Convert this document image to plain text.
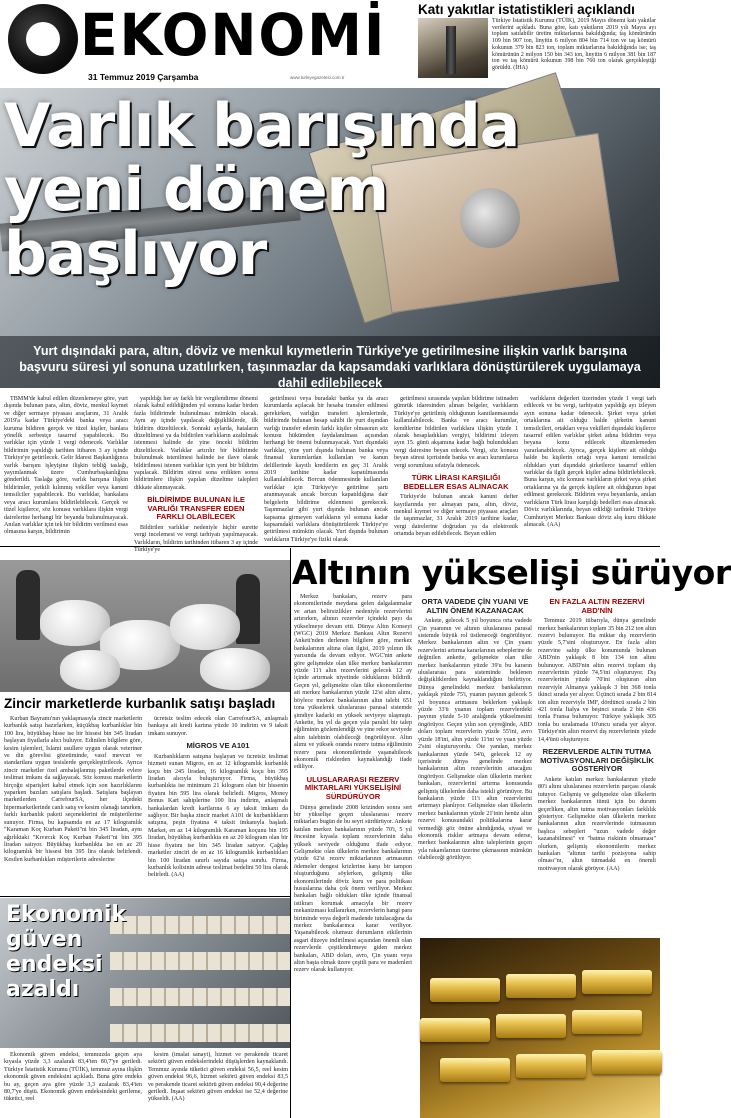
EKONOMİ
31 Temmuz 2019 Çarşamba	www.turkiyegazetesi.com.tr
Katı yakıtlar istatistikleri açıklandı
Türkiye İstatistik Kurumu (TÜİK), 2019 Mayıs dönemi katı yakıtlar verilerini açıkladı. Buna göre, katı yakıtların 2019 yılı Mayıs ayı toplam satılabilir üretim miktarlarına bakıldığında; taş kömürünün 109 bin 907 ton, linyitin 6 milyon 804 bin 714 ton ve taş kömürü kokunun 379 bin 823 ton, toplam miktarlarına bakıldığında ise; taş kömürünün 2 milyon 150 bin 343 ton, linyitin 6 milyon 381 bin 187 ton ve taş kömürü kokunun 398 bin 760 ton olarak gerçekleştiği görüldü. (İHA)
Varlık barışında
yeni dönem
başlıyor
Yurt dışındaki para, altın, döviz ve menkul kıymetlerin Türkiye'ye getirilmesine ilişkin varlık barışına başvuru süresi yıl sonuna uzatılırken, taşınmazlar da kapsamdaki varlıklara dönüştürülerek uygulamaya dahil edilebilecek

TBMM'de kabul edilen düzenlemeye göre, yurt dışında bulunan para, altın, döviz, menkul kıymet ve diğer sermaye piyasası araçlarını, 31 Aralık 2019'a kadar Türkiye'deki banka veya aracı kuruma bildiren gerçek ve tüzel kişiler, banlara yönelik serbestçe tasarruf yapabilecek. Bu varlıklar için yüzde 1 vergi ödenecek. Varlıklar bildirimin yapıldığı tarihten itibaren 3 ay içinde Türkiye'ye getirilecek. Gelir İdaresi Başkanlığınca varlık barışını işleyişine ilişkin tebliğ taslağı, yayımlanmak üzere Cumhurbaşkanlığına gönderildi. Taslağa göre, varlık barışına ilişkin bildirimler, yetkili kılınmış vekiller veya kanuni temsilciler yapabilecek. Bu varlıklar, bankalara veya aracı kurumlara bildirilebilecek. Gerçek ve tüzel kişilerce, söz konusu varlıklara ilişkin vergi dairelerine herhangi bir beyanda bulunulmayacak. Anılan varlıklar için tek bir bildirim verilmesi esas olmasına karşın, bildirimin

yapıldığı her ay farklı bir vergilendirme dönemi olarak kabul edildiğinden yıl sonuna kadar birden fazla bildirimde bulunulması mümkün olacak. Aynı ay içinde yapılacak değişikliklerde, ilk bildirim düzeltilecek. Sonraki aylarda, hataların düzeltilmesi ya da bildirilen varlıkların azaltılmak istenmesi halinde de yine önceki bildirim düzeltilecek. Varlıklar artırılır bir bildirimde bulunulmak istenilmesi halinde ise ilave olarak bildirilmesi istenen varlıklar için yeni bir bildirim yapılacak. Bildirim süresi sona erdikten sonra bildirimlere ilişkin yapılan düzeltme talepleri dikkate alınmayacak.

BİLDİRİMDE BULUNAN İLE VARLIĞI TRANSFER EDEN FARKLI OLABİLECEK

Bildirilen varlıklar nedeniyle hiçbir surette vergi incelemesi ve vergi tarhiyatı yapılmayacak. Varlıkların, bildirim tarihinden itibaren 3 ay içinde Türkiye'ye

getirilmesi veya buradaki banka ya da aracı kurumlarda açılacak bir hesaba transfer edilmesi gerekirken, varlığın transferi işlemlerinde, bildirimde bulunan hesap sahibi ile yurt dışından varlığı transfer edenin farklı kişiler olmasının söz konusu hükümden faydalanılması açısından herhangi bir önemi bulunmayacak. Yurt dışındaki varlıklar, yine yurt dışında bulunan banka veya finansal kurumlardan kullanılan ve kanun delillerinde kayıtlı kredilerin en geç 31 Aralık 2019 tarihine kadar kapatılmasında kullanılabilecek. Borcun ödenmesinde kullanılan varlıklar için Türkiye'ye getirilme şartı aranmayacak ancak borcun kapatıldığına dair belgelerin bildirime eklenmesi gerekecek. Taşınmazlar gibi yurt dışında bulunan ancak kapsama girmeyen varlıkların yıl sonuna kadar kapsamdaki varlıklara dönüştürülerek Türkiye'ye getirilmesi mümkün olacak. Yurt dışında bulunan varlıkların Türkiye'ye fiziki olarak

getirilmesi sırasında yapılan bildirime istinaden gümrük idaresinden alınan belgeler, varlıkların Türkiye'ye getirilmiş olduğunun kanıtlanmasında kullanılabilecek. Banka ve aracı kurumlar, kendilerine bildirilen varlıklara ilişkin yüzde 1 olarak hesapladıkları vergiyi, bildirimi izleyen ayın 15. günü akşamına kadar bağlı bulundukları vergi dairesine beyan edecek. Vergi, söz konusu beyan süresi içerisinde banka ve aracı kurumlarca vergi sorumlusu sıfatıyla ödenecek.

TÜRK LİRASI KARŞILIĞI BEDELLER ESAS ALINACAK

Türkiye'de bulunan ancak kanuni defter kayıtlarında yer almayan para, altın, döviz, menkul kıymet ve diğer sermaye piyasası araçları ile taşınmazlar, 31 Aralık 2019 tarihine kadar, vergi dairelerine doğrudan ya da elektronik ortamda beyan edilebilecek. Beyan edilen

varlıkların değerleri üzerinden yüzde 1 vergi tarh edilecek ve bu vergi, tarhiyatın yapıldığı ayı izleyen ayın sonuna kadar ödenecek. Şirket veya şirket ortaklarına ait olduğu halde şirketin kanuni temsilcileri, ortakları veya vekilleri dışındaki kişilerce tasarruf edilen varlıklar şirket adına bildirim veya beyana konu edilecek düzenlemeden yararlanabilecek. Ayrıca, gerçek kişilere ait olduğu halde bu kişilerin ortağı veya kanuni temsilcisi oldukları yurt dışındaki şirketlerce tasarruf edilen varlıklar da ilgili gerçek kişiler adına bildirilebilecek. Buna karşın, söz konusu varlıkların şirket veya şirket ortaklarına ya da gerçek kişilere ait olduğunun ispat edilmesi gerekecek. Bildirim veya beyanlarda, anılan varlıkların Türk lirası karşılığı bedelleri esas alınacak. Döviz varlıklarında, beyan edildiği tarihteki Türkiye Cumhuriyet Merkez Bankası döviz alış kuru dikkate alınacak. (AA)

Zincir marketlerde kurbanlık satışı başladı

Kurban Bayramı'nın yaklaşmasıyla zincir marketlerin kurbanlık satışı hazırlarken, küçükbaş kurbanlıklar bin 100 lira, büyükbaş hisse ise bir hissesi bin 345 liradan başlayan fiyatlarla alıcı buluyor. Edinilen bilgilere göre, kesim işlemleri, İslami usullere uygun olarak veteriner ve din görevlisi gözetiminde, vasıf mevcut ve standartlara uygun tesislerde gerçekleştirilecek. Ayrıca zincir marketler özel ambalajlanmış paketlerde evlere teslimat imkanı da sağlayacak. Söz konusu marketlerin birçoğu siparişleri kabul etmek için son hazırlıklarını yaparken bazıları satışlara başladı. Satışlara başlayan marketlerden CarrefourSA, her ilçedeki hipermarketlerinde canlı satış ve kesim olanağı tanırken, farklı kurbanlık paketi seçeneklerini de müşterilerine sunuyor. Firma, bu kapsamda en az 17 kilogramlık "Karaman Koç Kurban Paketi"ni bin 345 liradan, aynı ağırlıktaki "Kıvırcık Koç Kurban Paketi"ni bin 395 liradan satıyor. Büyükbaş kurbanlıkta ise en az 20 kilogramlık bir hissesi bin 395 lira olarak belirlendi. Kesilen kurbanlıkları müşterilerin adreslerine

ücretsiz teslim edecek olan CarrefourSA, anlaşmalı bankaya ait kredi kartına yüzde 10 indirim ve 9 taksit imkanı sunuyor.

MİGROS VE A101

Kurbanlıkların satışına başlayan ve ücretsiz teslimat hizmeti sunan Migros, en az 12 kilogramlık kurbanlık koçu bin 245 liradan, 16 kilogramlık koçu bin 395 liradan alıcıyla buluşturuyor. Firma, büyükbaş kurbanlıkta ise minimum 21 kilogram olan bir hissenin fiyatını bin 595 lira olarak belirledi. Migros, Money Bonus Kart sahiplerine 100 lira indirim, anlaşmalı bankalardan kredi kartlarına 6 ay taksit imkanı da sağlıyor. Bir başka zincir market A101 de kurbanlıkların satışına, peşin fiyatına 4 taksit imkanıyla başladı. Market, en az 14 kilogramlık Karaman koçunu bin 195 liradan, büyükbaş kurbanlıkta en az 20 kilogram olan bir hisse fiyatını ise bin 345 liradan satıyor. Çağdaş marketler zinciri de en az 16 kilogramlık kurbanlıkları bin 100 liradan sınırlı sayıda satışa sundu. Firma, kurbanlık kolisinin adrese teslimat bedelini 50 lira olarak belirledi. (AA)

Altının yükselişi sürüyor

Merkez bankaları, rezerv para ekonomilerinde meydana gelen dalgalanmalar ve artan belirsizlikler nedeniyle rezervlerini artırırken, altının rezervler içindeki payı da yükselmeye devam etti. Dünya Altın Konseyi (WGC) 2019 Merkez Bankası Altın Rezervi Anketi'nden derlenen bilgilere göre, merkez bankalarının altına olan ilgisi, 2019 yılının ilk yarısında da devam ediyor. WGC'nin ankete göre gelişmekte olan ülke merkez bankalarının yüzde 11'i altın rezervlerini gelecek 12 ay içinde artırmak niyetinde olduklarını bildirdi. Geçen yıl, gelişmekte olan ülke ekonomilerine ait merkez bankalarının yüzde 12'si altın alımı, böylece merkez bankalarının altın talebi 651 tona yükselerek uluslararası parasal sistemde şimdiye kadarki en yüksek seviyeye ulaşmıştı. Ankette, bu yıl da geçen yıla paralel bir talep eğiliminin gözlemlendiği ve yine rekor seviyede altın talebinin olabileceği öngörülüyor. Altın alımı ve yüksek oranda rezerv tutma eğiliminin rezerv para ekonomilerinde yaşanabilecek ekonomik risklerden kaynaklandığı ifade ediliyor.

ULUSLARARASI REZERV MİKTARLARI YÜKSELİŞİNİ SÜRDÜRÜYOR

Dünya genelinde 2008 krizinden sonra sert bir yükselişe geçen uluslararası rezerv miktarları bugün de bu seyri sürdürüyor. Ankete katılan merkez bankalarının yüzde 70'i, 5 yıl öncesine kıyasla toplam rezervlerinin daha yüksek seviyede olduğunu ifade ediyor. Gelişmekte olan ülkelerin merkez bankalarının yüzde 62'si rezerv miktarlarının artmasının ödemeler dengesi krizlerine karşı bir tampon oluşturduğunu söylerken, gelişmiş ülke ekonomilerinde döviz kuru ve para politikası hususlarına daha çok önem veriliyor. Merkez bankaları bağlı oldukları ülke içinde finansal istikrarı korumak amacıyla bir rezerv mekanizması kullanırken, rezervlerin hangi para biriminde veya değerli madende tutulacağına da merkez bankalarınca karar veriliyor. Yaşanabilecek olumsuz durumların etkilerinin asgari düzeye indirilmesi açısından önemli olan rezervlerde çeşitlendirmeye giden merkez bankaları, ABD doları, avro, Çin yuanı veya altın başta olmak üzere çeşitli para ve madenleri rezerv olarak kullanıyor.

ORTA VADEDE ÇİN YUANI VE ALTIN ÖNEM KAZANACAK

Ankete, gelecek 5 yıl boyunca orta vadede Çin yuanının ve altının uluslararası parasal sistemde büyük rol üstleneceği öngörülüyor. Merkez bankalarının altın ve Çin yuanı rezervlerini artırma kararlarının sebeplerine de değinilen ankette, gelişmekte olan ülke merkez bankalarının yüzde 39'u bu kararın uluslararası para sisteminde beklenen değişikliklerden kaynaklandığını belirtiyor. Dünya genelindeki merkez bankalarının yaklaşık yüzde 75'i, yuanın payının gelecek 5 yıl boyunca artmasını beklerken yaklaşık yüzde 33'ü yuanın toplam rezervlerdeki payının yüzde 5-10 aralığında yükselmesini öngörüyor. Geçen yılın son çeyreğinde, ABD doları toplam rezervlerin yüzde 55'ini, avro yüzde 18'ini, altın yüzde 11'ini ve yuan yüzde 2'sini oluşturuyordu. Öte yandan, merkez bankalarının yüzde 54'ü, gelecek 12 ay içerisinde dünya genelinde merkez bankalarının altın rezervlerinin artacağını öngörüyor. Gelişmekte olan ülkelerin merkez bankaları, rezervlerini artırma konusunda gelişmiş ülkelerden daha istekli görünüyor. Bu bankaların yüzde 11'i altın rezervlerini artırmayı planlıyor. Gelişmekte olan ülkelerin merkez bankalarının yüzde 21'inin henüz altın rezervi konusundaki politikalarına karar vermediği göz önüne alındığında, siyasi ve ekonomik riskler artmaya devam ederse, merkez bankalarının altın taleplerinin geçen yıla rakamlarının üzerine çıkmasının mümkün olabileceği görülüyor.

EN FAZLA ALTIN REZERVİ ABD'NİN

Temmuz 2019 itibarıyla, dünya genelinde merkez bankalarının toplam 35 bin 212 ton altın rezervi bulunuyor. Bu miktar dış rezervlerin yüzde 5,7'sini oluşturuyor. En fazla altın rezervine sahip ülke konumunda bulunan ABD'nin yaklaşık 8 bin 134 ton altını bulunuyor. ABD'nin altın rezervi toplam dış rezervlerinin yüzde 74,5'ini oluşturuyor. Dış rezervlerinin yüzde 70'ini oluşturan altın rezerviyle Almanya yaklaşık 3 bin 368 tonla ikinci sırada yer alıyor. Üçüncü sırada 2 bin 814 ton altın rezerviyle IMF, dördüncü sırada 2 bin 421 tonla İtalya ve beşinci sırada 2 bin 436 tonla Fransa bulunuyor. Türkiye yaklaşık 305 tonla bu sıralamada 10'uncu sırada yer alıyor. Türkiye'nin altın rezervi dış rezervlerinin yüzde 14,4'ünü oluşturuyor.

REZERVLERDE ALTIN TUTMA MOTİVASYONLARI DEĞİŞİKLİK GÖSTERİYOR

Ankete katılan merkez bankalarının yüzde 80'i altını uluslararası rezervlerin parçası olarak tutuyor. Gelişmiş ve gelişmekte olan ülkelerin merkez bankalarının tümü için bu durum geçerliken, altın tutma motivasyonları farklılık gösteriyor. Gelişmekte olan ülkelerin merkez bankalarının altın rezervlerinde tutmasının başlıca sebepleri "uzun vadede değer kazanabilmesi" ve "batma riskinin olmaması" olurken, gelişmiş ekonomilerin merkez bankaları "altının tarihi pozisyona sahip olması"nı, altın tutmadaki en önemli motivasyon olarak görüyor. (AA)

Ekonomik
güven
endeksi
azaldı

Ekonomik güven endeksi, temmuzda geçen aya kıyasla yüzde 3,3 azalarak 83,4'ten 80,7'ye geriledi. Türkiye İstatistik Kurumu (TÜİK), temmuz ayına ilişkin ekonomik güven endeksini açıkladı. Buna göre endeks bu ay, geçen aya göre yüzde 3,3 azalarak 83,4'ten 80,7'ye düştü. Ekonomik güven endeksindeki gerileme, tüketici, reel

kesim (imalat sanayi), hizmet ve perakende ticaret sektörü güven endekslerindeki düşüşlerden kaynaklandı. Temmuz ayında tüketici güven endeksi 56,5, reel kesim güven endeksi 96,6, hizmet sektörü güven endeksi 83,5 ve perakende ticaret sektörü güven endeksi 90,4 değerine geriledi. İnşaat sektörü güven endeksi ise 52,4 değerine yükseldi. (AA)
